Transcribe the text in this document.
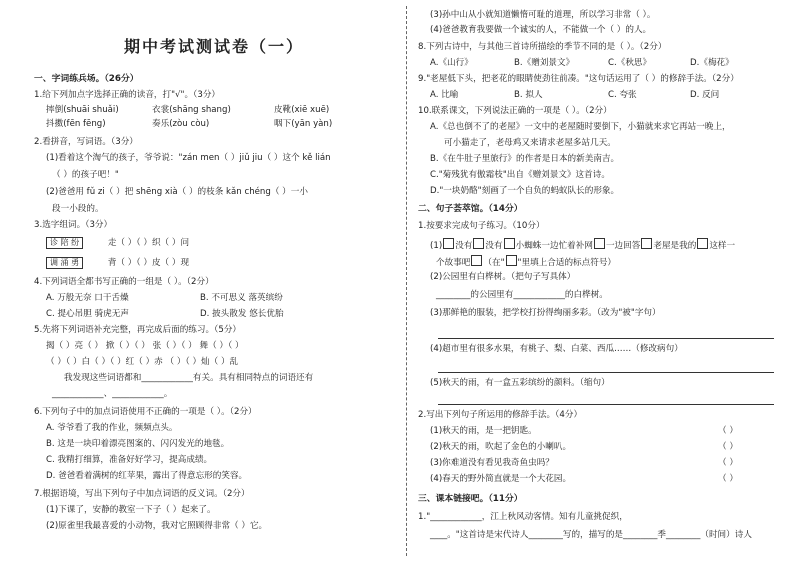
期中考试测试卷（一）
一、字词练兵场。（26分）
1.给下列加点字选择正确的读音，打"√"。（3分）
摔倒(shuāi shuǎi)	衣裳(shāng shang)	皮靴(xiē xuē)
抖擞(fēn fēng)	奏乐(zòu còu)	咽下(yān yàn)
2.看拼音，写词语。（3分）
(1)看着这个淘气的孩子，爷爷说："zán men（ ）jiǔ jiu（ ）这个 kě lián
（ ）的孩子吧！"
(2)爸爸用 fǔ zi（ ）把 shēng xià（ ）的枝条 kǎn chéng（ ）一小
段一小段的。
3.选字组词。（3分）
诊 陪 纷	走（ ）（ ）织（ ）问
调 涌 勇	背（ ）（ ）皮（ ）现
4.下列词语全都书写正确的一组是（ ）。（2分）
A. 万般无奈 口干舌燥	B. 不可思义 落英缤纷
C. 提心吊胆 骑虎无声	D. 披头散发 悠长优胎
5.先将下列词语补充完整，再完成后面的练习。（5分）
揭（ ）亮（ ） 掀（ ）（ ） 张（ ）（ ） 舞（ ）（ ）
（ ）（ ）白（ ）（ ）红（ ）赤 （ ）（ ）灿（ ）乱
我发现这些词语都和____________有关。具有相同特点的词语还有
____________、____________。
6.下列句子中的加点词语使用不正确的一项是（ ）。（2分）
A. 爷爷看了我的作业，频频点头。
B. 这是一块印着漂亮图案的、闪闪发光的地毯。
C. 我精打细算，准备好好学习，提高成绩。
D. 爸爸看着满树的红苹果，露出了得意忘形的笑容。
7.根据语境，写出下列句子中加点词语的反义词。（2分）
(1)下课了，安静的教室一下子（ ）起来了。
(2)原雀里我最喜爱的小动物，我对它照顾得非常（ ）它。
(3)孙中山从小就知道懒惰可耻的道理，所以学习非常（ ）。
(4)爸爸教育我要做一个诚实的人，不能做一个（ ）的人。
8.下列古诗中，与其他三首诗所描绘的季节不同的是（ ）。（2分）
A.《山行》	B.《赠刘景文》	C.《秋思》	D.《梅花》
9."老屋低下头，把老花的眼睛使劲往前凑。"这句话运用了（ ）的修辞手法。（2分）
A. 比喻	B. 拟人	C. 夸张	D. 反问
10.联系课文，下列说法正确的一项是（ ）。（2分）
A.《总也倒不了的老屋》一文中的老屋随时要倒下，小猫就来求它再站一晚上，
可小猫走了，老母鸡又来请求老屋多站几天。
B.《在牛肚子里旅行》的作者是日本的新美南吉。
C."菊残犹有傲霜枝"出自《赠刘景文》这首诗。
D."一块奶酪"刻画了一个自负的蚂蚁队长的形象。
二、句子荟萃馆。（14分）
1.按要求完成句子练习。（10分）
(1) 没有 没有 小蜘蛛一边忙着补网 一边回答 老屋是我的 这样一
个故事吧 （在" "里填上合适的标点符号）
(2)公园里有白桦树。（把句子写具体）
________的公园里有____________的白桦树。
(3)那鲜艳的服装，把学校打扮得绚丽多彩。（改为"被"字句）
(4)超市里有很多水果，有桃子、梨、白菜、西瓜……（修改病句）
(5)秋天的雨，有一盒五彩缤纷的颜料。（缩句）
2.写出下列句子所运用的修辞手法。（4分）
(1)秋天的雨，是一把钥匙。	（ ）
(2)秋天的雨，吹起了金色的小喇叭。	（ ）
(3)你难道没有看见我奇鱼虫吗？	（ ）
(4)春天的野外简直就是一个大花园。	（ ）
三、课本链接吧。（11分）
1."____________，江上秋风动客情。知有儿童挑促织，
____。"这首诗是宋代诗人________写的，描写的是________季________（时间）诗人
